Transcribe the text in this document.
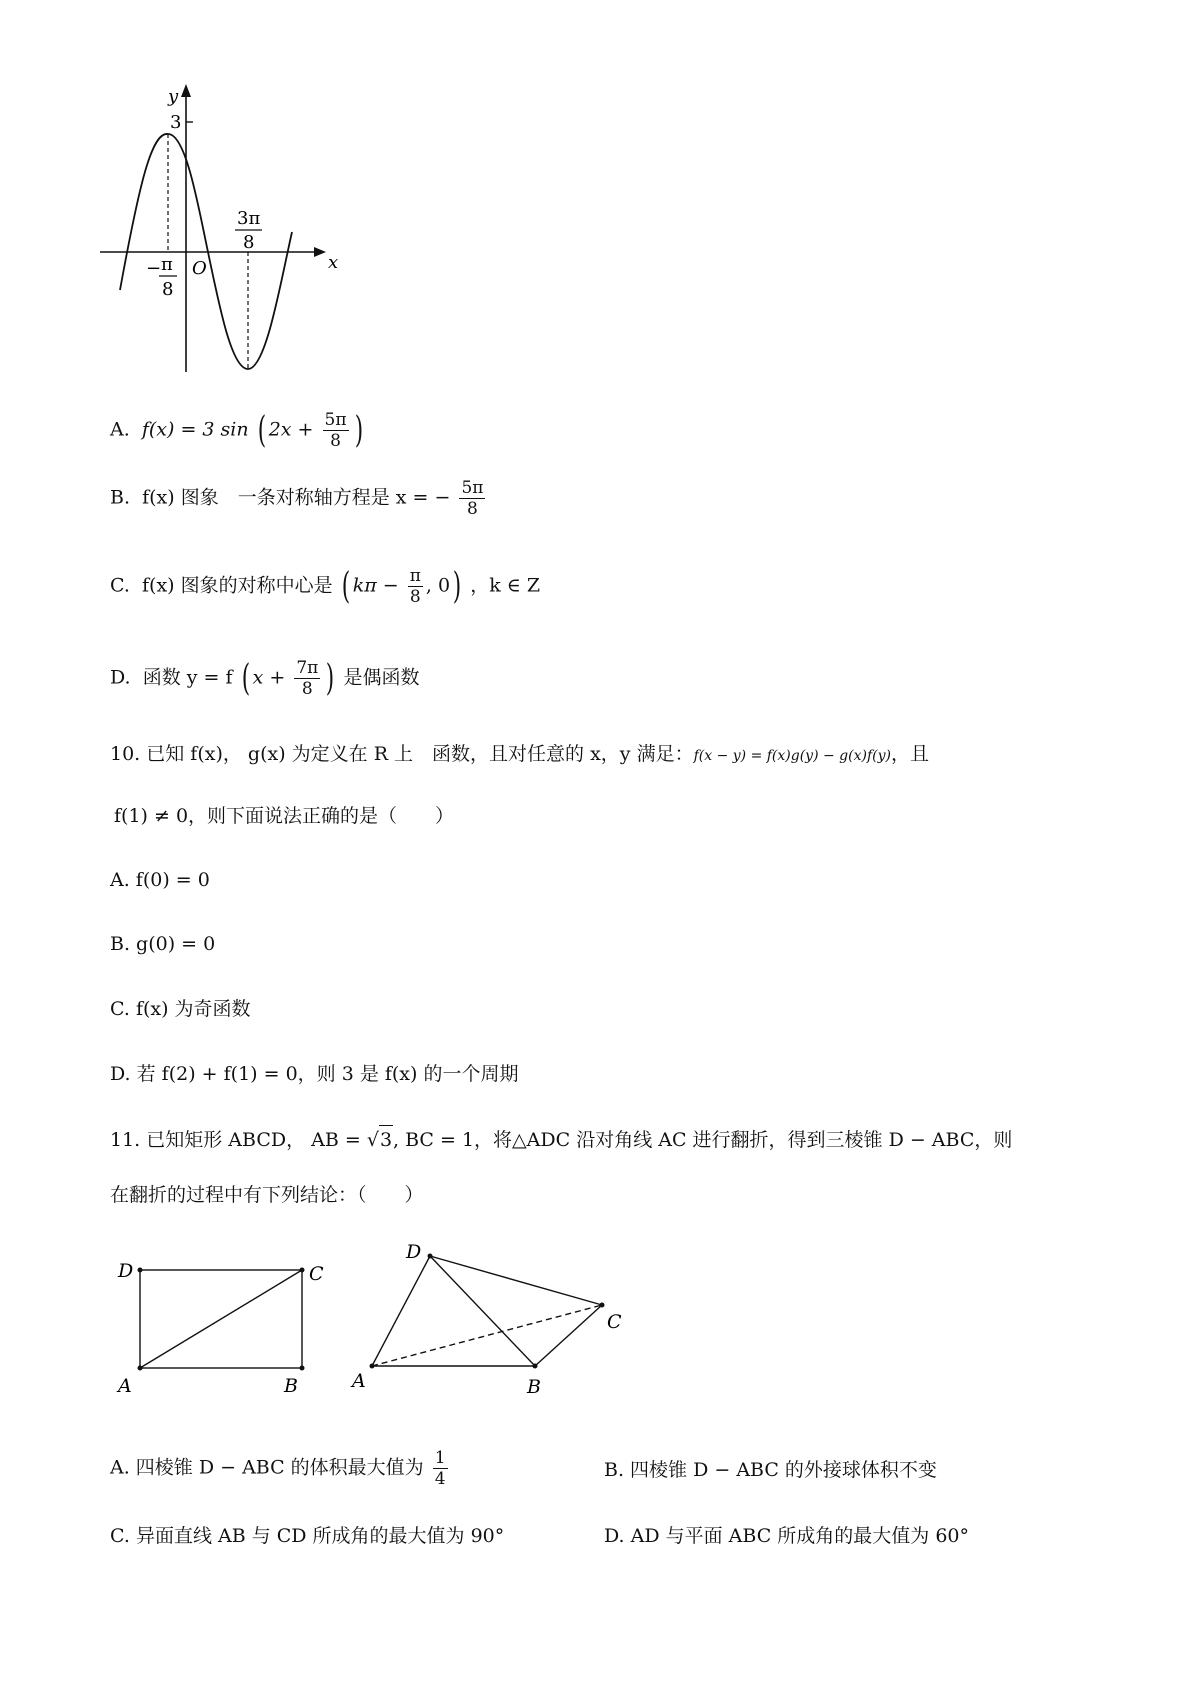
y
3
x
O
− π
8
3π
8
A. f(x) = 3 sin ( $2x + \frac{5\pi}{8}$ )
B. f(x) 图象　一条对称轴方程是 x = − $\frac{5\pi}{8}$
C. f(x) 图象的对称中心是 ( $k\pi - \frac{\pi}{8}$ , 0) ，k ∈ Z
D. 函数 y = f ( $x + \frac{7\pi}{8}$ ) 是偶函数
10. 已知 f(x)， g(x) 为定义在 R 上　函数，且对任意的 x，y 满足：f(x − y) = f(x)g(y) − g(x)f(y)，且
f(1) ≠ 0，则下面说法正确的是（　　）
A. f(0) = 0
B. g(0) = 0
C. f(x) 为奇函数
D. 若 f(2) + f(1) = 0，则 3 是 f(x) 的一个周期
11. 已知矩形 ABCD， AB = √3, BC = 1，将△ADC 沿对角线 AC 进行翻折，得到三棱锥 D − ABC，则
在翻折的过程中有下列结论：（　　）
D	C
A	B
D
C
A	B
A. 四棱锥 D − ABC 的体积最大值为 $\frac{1}{4}$	B. 四棱锥 D − ABC 的外接球体积不变
C. 异面直线 AB 与 CD 所成角的最大值为 90°	D. AD 与平面 ABC 所成角的最大值为 60°
